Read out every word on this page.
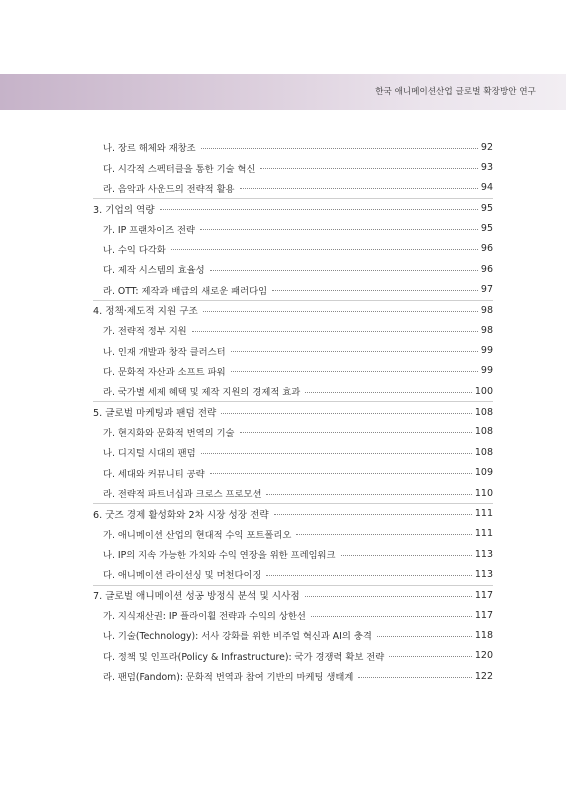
한국 애니메이션산업 글로벌 확장방안 연구
나. 장르 해체와 재창조	92
다. 시각적 스펙터클을 통한 기술 혁신	93
라. 음악과 사운드의 전략적 활용	94
3. 기업의 역량	95
가. IP 프랜차이즈 전략	95
나. 수익 다각화	96
다. 제작 시스템의 효율성	96
라. OTT: 제작과 배급의 새로운 패러다임	97
4. 정책·제도적 지원 구조	98
가. 전략적 정부 지원	98
나. 인재 개발과 창작 클러스터	99
다. 문화적 자산과 소프트 파워	99
라. 국가별 세제 혜택 및 제작 지원의 경제적 효과	100
5. 글로벌 마케팅과 팬덤 전략	108
가. 현지화와 문화적 번역의 기술	108
나. 디지털 시대의 팬덤	108
다. 세대와 커뮤니티 공략	109
라. 전략적 파트너십과 크로스 프로모션	110
6. 굿즈 경제 활성화와 2차 시장 성장 전략	111
가. 애니메이션 산업의 현대적 수익 포트폴리오	111
나. IP의 지속 가능한 가치와 수익 연장을 위한 프레임워크	113
다. 애니메이션 라이선싱 및 머천다이징	113
7. 글로벌 애니메이션 성공 방정식 분석 및 시사점	117
가. 지식재산권: IP 플라이휠 전략과 수익의 상한선	117
나. 기술(Technology): 서사 강화를 위한 비주얼 혁신과 AI의 충격	118
다. 정책 및 인프라(Policy & Infrastructure): 국가 경쟁력 확보 전략	120
라. 팬덤(Fandom): 문화적 번역과 참여 기반의 마케팅 생태계	122
